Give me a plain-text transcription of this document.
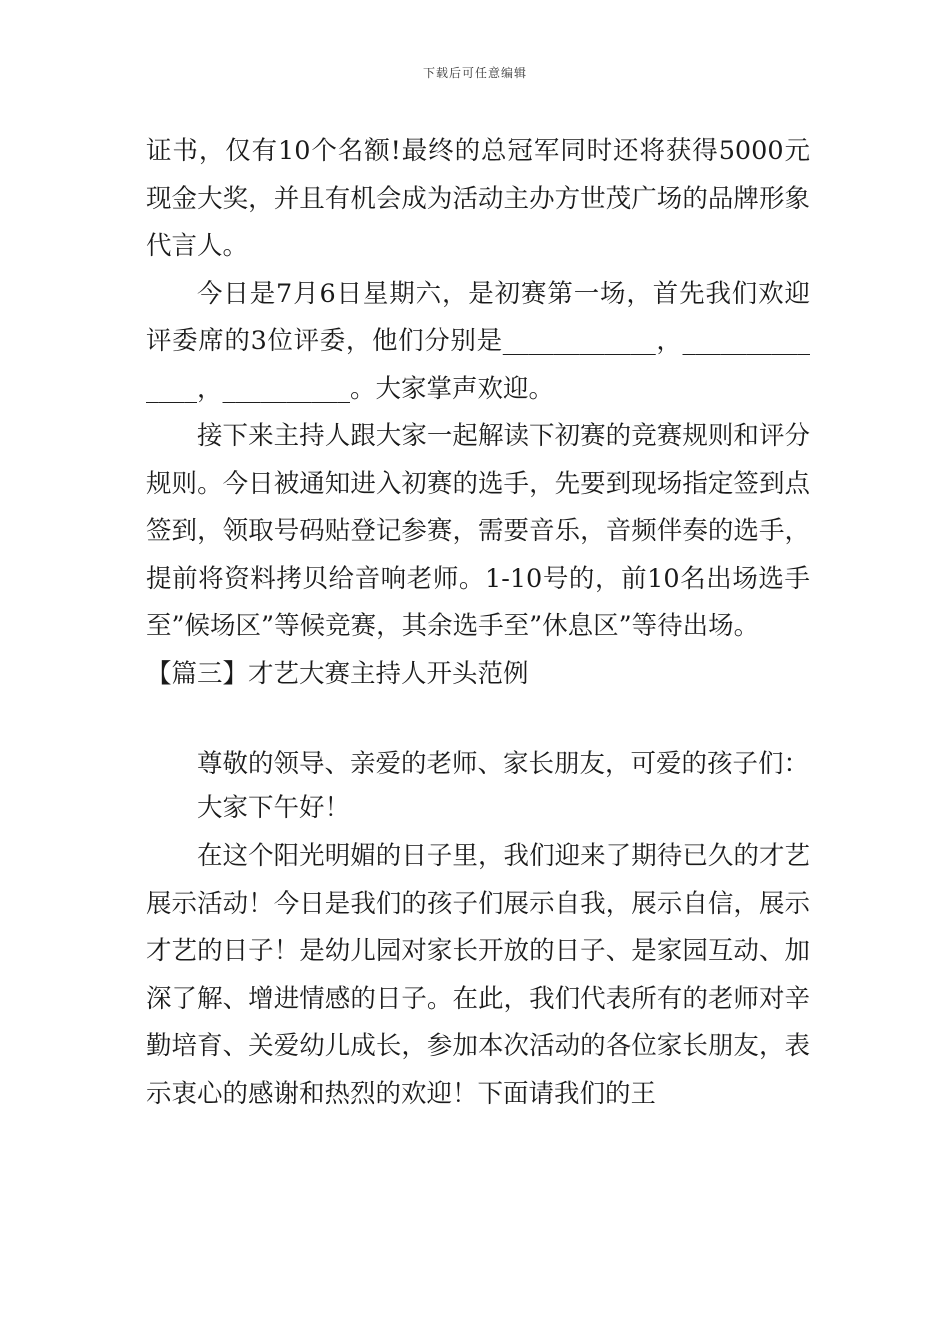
下载后可任意编辑

证书，仅有10个名额!最终的总冠军同时还将获得5000元现金大奖，并且有机会成为活动主办方世茂广场的品牌形象代言人。

今日是7月6日星期六，是初赛第一场，首先我们欢迎评委席的3位评委，他们分别是____________，______________，__________。大家掌声欢迎。

接下来主持人跟大家一起解读下初赛的竞赛规则和评分规则。今日被通知进入初赛的选手，先要到现场指定签到点签到，领取号码贴登记参赛，需要音乐，音频伴奏的选手，提前将资料拷贝给音响老师。1-10号的，前10名出场选手至”候场区”等候竞赛，其余选手至”休息区”等待出场。

【篇三】才艺大赛主持人开头范例

尊敬的领导、亲爱的老师、家长朋友，可爱的孩子们：

大家下午好！

在这个阳光明媚的日子里，我们迎来了期待已久的才艺展示活动！今日是我们的孩子们展示自我，展示自信，展示才艺的日子！是幼儿园对家长开放的日子、是家园互动、加深了解、增进情感的日子。在此，我们代表所有的老师对辛勤培育、关爱幼儿成长，参加本次活动的各位家长朋友，表示衷心的感谢和热烈的欢迎！下面请我们的王
